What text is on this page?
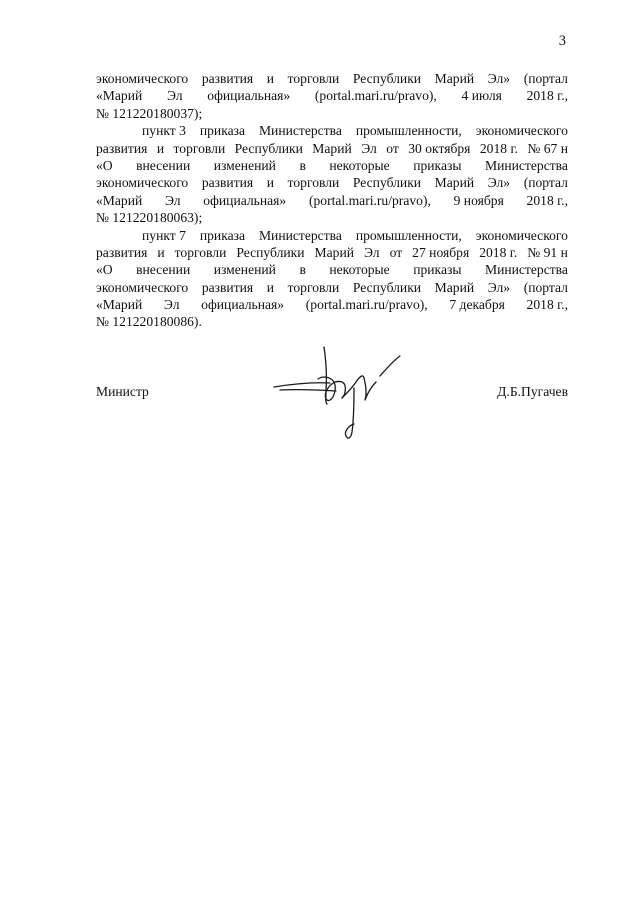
3
экономического развития и торговли Республики Марий Эл» (портал
«Марий Эл официальная» (portal.mari.ru/pravo), 4 июля 2018 г.,
№ 121220180037);
пункт 3 приказа Министерства промышленности, экономического
развития и торговли Республики Марий Эл от 30 октября 2018 г. № 67 н
«О внесении изменений в некоторые приказы Министерства
экономического развития и торговли Республики Марий Эл» (портал
«Марий Эл официальная» (portal.mari.ru/pravo), 9 ноября 2018 г.,
№ 121220180063);
пункт 7 приказа Министерства промышленности, экономического
развития и торговли Республики Марий Эл от 27 ноября 2018 г. № 91 н
«О внесении изменений в некоторые приказы Министерства
экономического развития и торговли Республики Марий Эл» (портал
«Марий Эл официальная» (portal.mari.ru/pravo), 7 декабря 2018 г.,
№ 121220180086).
Министр	Д.Б.Пугачев
